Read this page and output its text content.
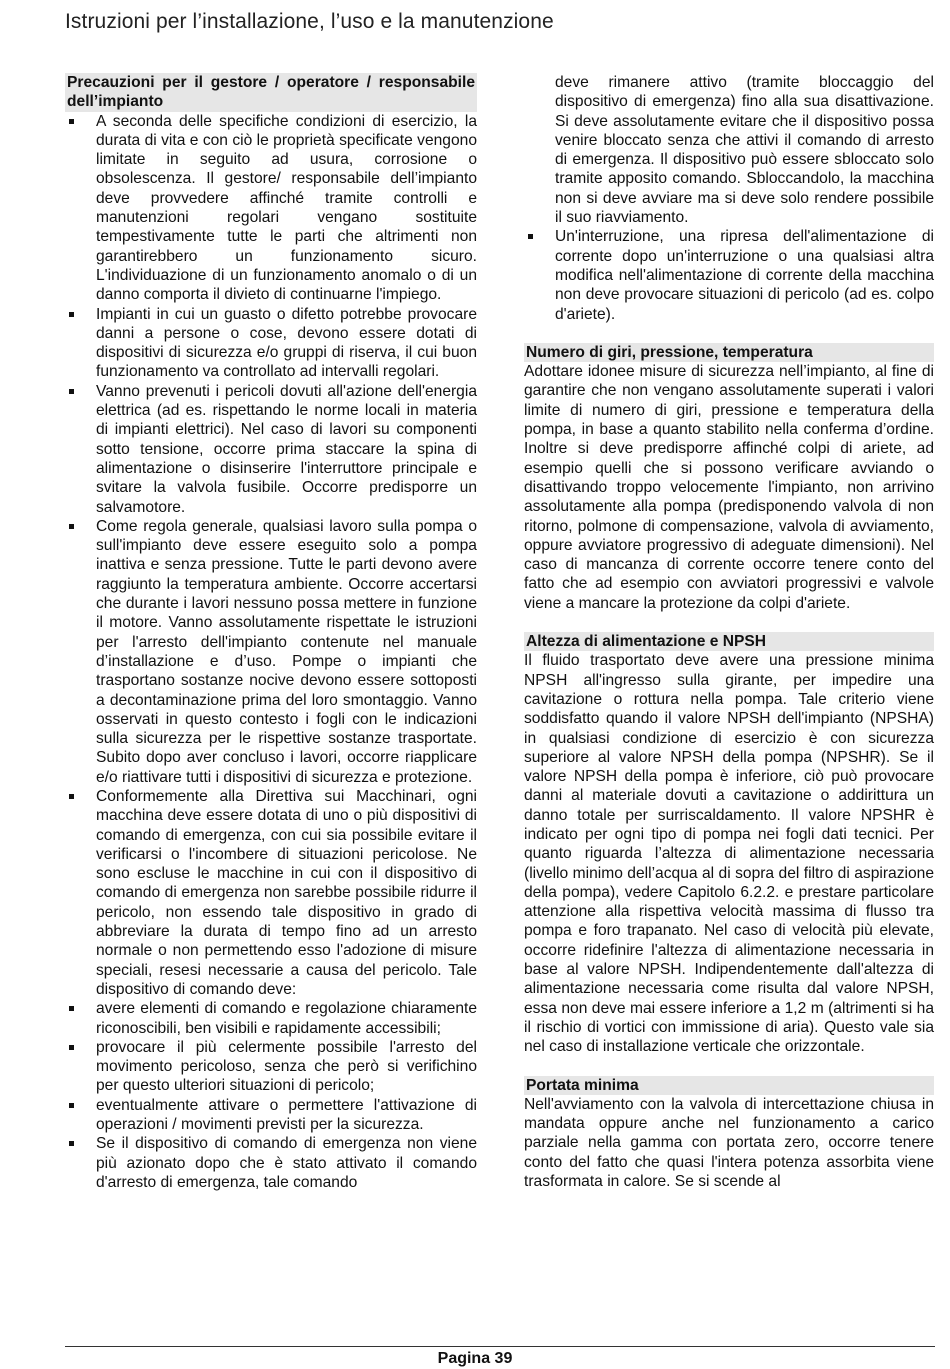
Istruzioni per l’installazione, l’uso e la manutenzione
Precauzioni per il gestore / operatore / responsabile dell’impianto
A seconda delle specifiche condizioni di esercizio, la durata di vita e con ciò le proprietà specificate vengono limitate in seguito ad usura, corrosione o obsolescenza. Il gestore/ responsabile dell’impianto deve provvedere affinché tramite controlli e manutenzioni regolari vengano sostituite tempestivamente tutte le parti che altrimenti non garantirebbero un funzionamento sicuro. L'individuazione di un funzionamento anomalo o di un danno comporta il divieto di continuarne l'impiego.
Impianti in cui un guasto o difetto potrebbe provocare danni a persone o cose, devono essere dotati di dispositivi di sicurezza e/o gruppi di riserva, il cui buon funzionamento va controllato ad intervalli regolari.
Vanno prevenuti i pericoli dovuti all'azione dell'energia elettrica (ad es. rispettando le norme locali in materia di impianti elettrici). Nel caso di lavori su componenti sotto tensione, occorre prima staccare la spina di alimentazione o disinserire l'interruttore principale e svitare la valvola fusibile. Occorre predisporre un salvamotore.
Come regola generale, qualsiasi lavoro sulla pompa o sull'impianto deve essere eseguito solo a pompa inattiva e senza pressione. Tutte le parti devono avere raggiunto la temperatura ambiente. Occorre accertarsi che durante i lavori nessuno possa mettere in funzione il motore. Vanno assolutamente rispettate le istruzioni per l'arresto dell'impianto contenute nel manuale d’installazione e d’uso. Pompe o impianti che trasportano sostanze nocive devono essere sottoposti a decontaminazione prima del loro smontaggio. Vanno osservati in questo contesto i fogli con le indicazioni sulla sicurezza per le rispettive sostanze trasportate. Subito dopo aver concluso i lavori, occorre riapplicare e/o riattivare tutti i dispositivi di sicurezza e protezione.
Conformemente alla Direttiva sui Macchinari, ogni macchina deve essere dotata di uno o più dispositivi di comando di emergenza, con cui sia possibile evitare il verificarsi o l'incombere di situazioni pericolose. Ne sono escluse le macchine in cui con il dispositivo di comando di emergenza non sarebbe possibile ridurre il pericolo, non essendo tale dispositivo in grado di abbreviare la durata di tempo fino ad un arresto normale o non permettendo esso l'adozione di misure speciali, resesi necessarie a causa del pericolo. Tale dispositivo di comando deve:
avere elementi di comando e regolazione chiaramente riconoscibili, ben visibili e rapidamente accessibili;
provocare il più celermente possibile l'arresto del movimento pericoloso, senza che però si verifichino per questo ulteriori situazioni di pericolo;
eventualmente attivare o permettere l'attivazione di operazioni / movimenti previsti per la sicurezza.
Se il dispositivo di comando di emergenza non viene più azionato dopo che è stato attivato il comando d'arresto di emergenza, tale comando
deve rimanere attivo (tramite bloccaggio del dispositivo di emergenza) fino alla sua disattivazione. Si deve assolutamente evitare che il dispositivo possa venire bloccato senza che attivi il comando di arresto di emergenza. Il dispositivo può essere sbloccato solo tramite apposito comando. Sbloccandolo, la macchina non si deve avviare ma si deve solo rendere possibile il suo riavviamento.
Un'interruzione, una ripresa dell'alimentazione di corrente dopo un'interruzione o una qualsiasi altra modifica nell'alimentazione di corrente della macchina non deve provocare situazioni di pericolo (ad es. colpo d'ariete).
Numero di giri, pressione, temperatura
Adottare idonee misure di sicurezza nell’impianto, al fine di garantire che non vengano assolutamente superati i valori limite di numero di giri, pressione e temperatura della pompa, in base a quanto stabilito nella conferma d’ordine. Inoltre si deve predisporre affinché colpi di ariete, ad esempio quelli che si possono verificare avviando o disattivando troppo velocemente l'impianto, non arrivino assolutamente alla pompa (predisponendo valvola di non ritorno, polmone di compensazione, valvola di avviamento, oppure avviatore progressivo di adeguate dimensioni). Nel caso di mancanza di corrente occorre tenere conto del fatto che ad esempio con avviatori progressivi e valvole viene a mancare la protezione da colpi d'ariete.
Altezza di alimentazione e NPSH
Il fluido trasportato deve avere una pressione minima NPSH all'ingresso sulla girante, per impedire una cavitazione o rottura nella pompa. Tale criterio viene soddisfatto quando il valore NPSH dell'impianto (NPSHA) in qualsiasi condizione di esercizio è con sicurezza superiore al valore NPSH della pompa (NPSHR). Se il valore NPSH della pompa è inferiore, ciò può provocare danni al materiale dovuti a cavitazione o addirittura un danno totale per surriscaldamento. Il valore NPSHR è indicato per ogni tipo di pompa nei fogli dati tecnici. Per quanto riguarda l’altezza di alimentazione necessaria (livello minimo dell’acqua al di sopra del filtro di aspirazione della pompa), vedere Capitolo 6.2.2. e prestare particolare attenzione alla rispettiva velocità massima di flusso tra pompa e foro trapanato. Nel caso di velocità più elevate, occorre ridefinire l'altezza di alimentazione necessaria in base al valore NPSH. Indipendentemente dall'altezza di alimentazione necessaria come risulta dal valore NPSH, essa non deve mai essere inferiore a 1,2 m (altrimenti si ha il rischio di vortici con immissione di aria). Questo vale sia nel caso di installazione verticale che orizzontale.
Portata minima
Nell'avviamento con la valvola di intercettazione chiusa in mandata oppure anche nel funzionamento a carico parziale nella gamma con portata zero, occorre tenere conto del fatto che quasi l'intera potenza assorbita viene trasformata in calore. Se si scende al
Pagina 39
